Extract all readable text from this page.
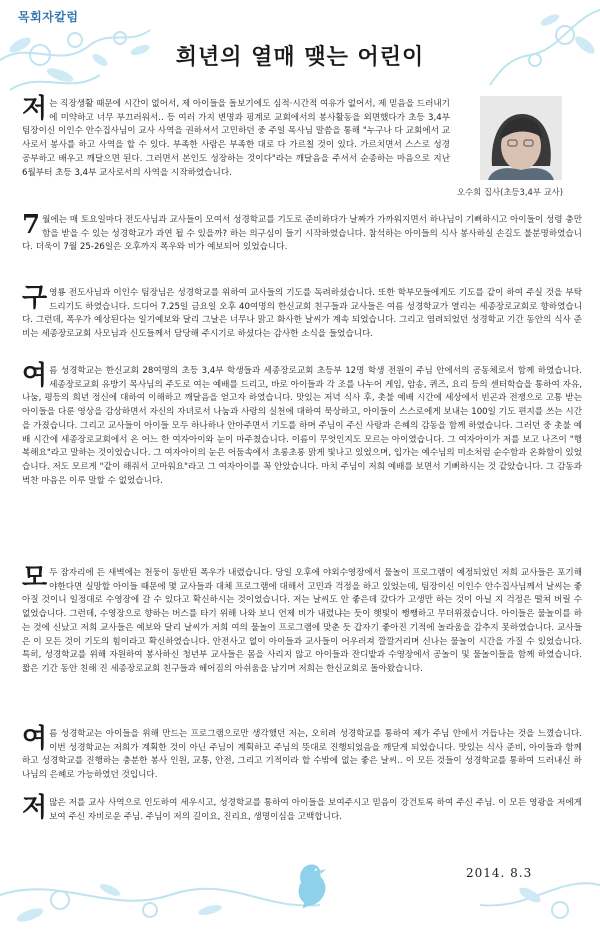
목회자칼럼
희년의 열매 맺는 어린이
오수희 집사(초등3,4부 교사)
저 는 직장생활 때문에 시간이 없어서, 제 아이들을 돌보기에도 심적·시간적 여유가 없어서, 제 믿음을 드러내기에 미약하고 너무 부끄러워서.. 등 여러 가지 변명과 핑계로 교회에서의 봉사활동을 외면했다가 초등 3,4부 팀장이신 이인수 안수집사님이 교사 사역을 권하셔서 고민하던 중 주일 목사님 말씀을 통해 "누구나 다 교회에서 교사로서 봉사를 하고 사역을 할 수 있다. 부족한 사람은 부족한 대로 다 가르칠 것이 있다. 가르치면서 스스로 성경 공부하고 배우고 깨달으면 된다. 그러면서 본인도 성장하는 것이다"라는 깨달음을 주셔서 순종하는 마음으로 지난 6월부터 초등 3,4부 교사로서의 사역을 시작하였습니다.
7 월에는 매 토요일마다 전도사님과 교사들이 모여서 성경학교를 기도로 준비하다가 날짜가 가까워지면서 하나님이 기뻐하시고 아이들이 성령 충만함을 받을 수 있는 성경학교가 과연 될 수 있을까? 하는 의구심이 들기 시작하였습니다. 참석하는 아이들의 식사 봉사하실 손길도 불분명하였습니다. 더욱이 7월 25-26일은 오후까지 폭우와 비가 예보되어 있었습니다.
구 영룡 전도사님과 이인수 팀장님은 성경학교를 위하여 교사들의 기도를 독려하셨습니다. 또한 학부모들에게도 기도를 같이 하여 주실 것을 부탁드리기도 하였습니다. 드디어 7.25일 금요일 오후 40여명의 한신교회 친구들과 교사들은 여름 성경학교가 열리는 세종장로교회로 향하였습니다. 그런데, 폭우가 예상된다는 일기예보와 달리 그날은 너무나 맑고 화사한 날씨가 계속 되었습니다. 그리고 염려되었던 성경학교 기간 동안의 식사 준비는 세종장로교회 사모님과 신도들께서 담당해 주시기로 하셨다는 감사한 소식을 들었습니다.
여 름 성경학교는 한신교회 28여명의 초등 3,4부 학생들과 세종장로교회 초등부 12명 학생 전원이 주님 안에서의 공동체로서 함께 하였습니다. 세종장로교회 유방기 목사님의 주도로 여는 예배를 드리고, 바로 아이들과 각 조를 나누어 게임, 암송, 퀴즈, 요리 등의 센터학습을 통하여 자유, 나눔, 평등의 희년 정신에 대하여 이해하고 깨달음을 얻고자 하였습니다. 맛있는 저녁 식사 후, 촛불 예배 시간에 세상에서 빈곤과 전쟁으로 고통 받는 아이들을 다룬 영상을 감상하면서 자신의 자녀로서 나눔과 사랑의 실천에 대하여 묵상하고, 아이들이 스스로에게 보내는 100일 기도 편지를 쓰는 시간을 가졌습니다. 그리고 교사들이 아이들 모두 하나하나 안아주면서 기도를 하며 주님이 주신 사랑과 은혜의 감동을 함께 하였습니다. 그러던 중 촛불 예배 시간에 세종장로교회에서 온 어느 한 여자아이와 눈이 마주쳤습니다. 이름이 무엇인지도 모르는 아이였습니다. 그 여자아이가 저를 보고 나즈이 "행복해요"라고 말하는 것이었습니다. 그 여자아이의 눈은 어둠속에서 초롱초롱 맑게 빛나고 있었으며, 입가는 예수님의 미소처럼 순수함과 온화함이 있었습니다. 저도 모르게 "같이 해줘서 고마워요"라고 그 여자아이를 꼭 안았습니다. 마치 주님이 저희 예배를 보면서 기뻐하시는 것 같았습니다. 그 감동과 벅찬 마음은 이루 말할 수 없었습니다.
모 두 잠자리에 든 새벽에는 천둥이 동반된 폭우가 내렸습니다. 당일 오후에 야외수영장에서 물놀이 프로그램이 예정되었던 저희 교사들은 포기해야한다면 실망할 아이들 때문에 몇 교사들과 대체 프로그램에 대해서 고민과 걱정을 하고 있었는데, 팀장이신 이인수 안수집사님께서 날씨는 좋아질 것이니 일정대로 수영장에 갈 수 있다고 확신하시는 것이었습니다. 저는 날씨도 안 좋은데 갔다가 고생만 하는 것이 아닐 지 걱정은 떨쳐 버릴 수 없었습니다. 그런데, 수영장으로 향하는 버스를 타기 위해 나와 보니 언제 비가 내렸냐는 듯이 햇빛이 쨍쨍하고 무더위졌습니다. 아이들은 물놀이를 하는 것에 신났고 저희 교사들은 예보와 달리 날씨가 저희 여의 물놀이 프로그램에 맞춘 듯 갑자기 좋아진 기적에 놀라움을 감추지 못하였습니다. 교사들은 이 모든 것이 기도의 힘이라고 확신하였습니다. 안전사고 없이 아이들과 교사들이 어우러져 깔깔거리며 신나는 물놀이 시간을 가질 수 있었습니다. 특히, 성경학교를 위해 자원하여 봉사하신 청년부 교사들은 몸을 사리지 않고 아이들과 잔디밭과 수영장에서 공놀이 및 물놀이들을 함께 하였습니다. 짧은 기간 동안 친해 진 세종장로교회 친구들과 헤어짐의 아쉬움을 남기며 저희는 한신교회로 돌아왔습니다.
여 름 성경학교는 아이들을 위해 만드는 프로그램으로만 생각했던 저는, 오히려 성경학교를 통하여 제가 주님 안에서 거듭나는 것을 느꼈습니다. 이번 성경학교는 저희가 계획한 것이 아닌 주님이 계획하고 주님의 뜻대로 진행되었음을 깨닫게 되었습니다. 맛있는 식사 준비, 아이들과 함께 하고 성경학교를 진행하는 충분한 봉사 인원, 교통, 안전, 그리고 기적이라 할 수밖에 없는 좋은 날씨.. 이 모든 것들이 성경학교를 통하여 드러내신 하나님의 은혜로 가능하였던 것입니다.
저 많은 저를 교사 사역으로 인도하여 세우시고, 성경학교를 통하여 아이들을 보여주시고 믿음이 강건토록 하여 주신 주님. 이 모든 영광을 저에게 보여 주신 자비로운 주님. 주님이 저의 길이요, 진리요, 생명이심을 고백합니다.
2014. 8.3
